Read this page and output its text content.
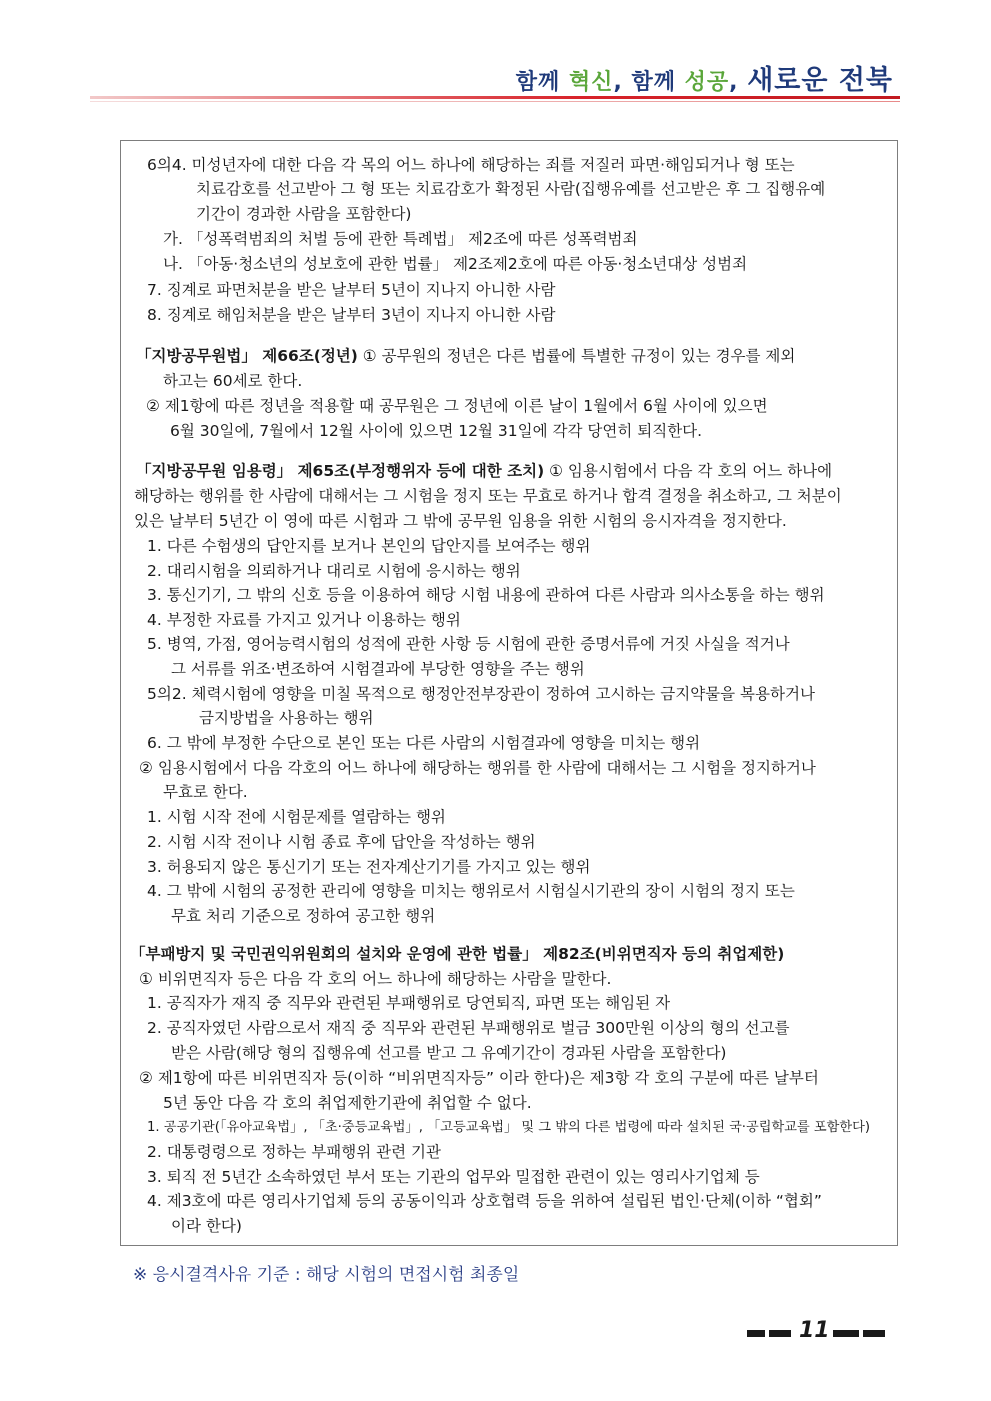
함께 혁신, 함께 성공, 새로운 전북
6의4. 미성년자에 대한 다음 각 목의 어느 하나에 해당하는 죄를 저질러 파면·해임되거나 형 또는
치료감호를 선고받아 그 형 또는 치료감호가 확정된 사람(집행유예를 선고받은 후 그 집행유예
기간이 경과한 사람을 포함한다)
가. 「성폭력범죄의 처벌 등에 관한 특례법」 제2조에 따른 성폭력범죄
나. 「아동·청소년의 성보호에 관한 법률」 제2조제2호에 따른 아동·청소년대상 성범죄
7. 징계로 파면처분을 받은 날부터 5년이 지나지 아니한 사람
8. 징계로 해임처분을 받은 날부터 3년이 지나지 아니한 사람
「지방공무원법」 제66조(정년) ① 공무원의 정년은 다른 법률에 특별한 규정이 있는 경우를 제외
하고는 60세로 한다.
② 제1항에 따른 정년을 적용할 때 공무원은 그 정년에 이른 날이 1월에서 6월 사이에 있으면
6월 30일에, 7월에서 12월 사이에 있으면 12월 31일에 각각 당연히 퇴직한다.
「지방공무원 임용령」 제65조(부정행위자 등에 대한 조치) ① 임용시험에서 다음 각 호의 어느 하나에
해당하는 행위를 한 사람에 대해서는 그 시험을 정지 또는 무효로 하거나 합격 결정을 취소하고, 그 처분이
있은 날부터 5년간 이 영에 따른 시험과 그 밖에 공무원 임용을 위한 시험의 응시자격을 정지한다.
1. 다른 수험생의 답안지를 보거나 본인의 답안지를 보여주는 행위
2. 대리시험을 의뢰하거나 대리로 시험에 응시하는 행위
3. 통신기기, 그 밖의 신호 등을 이용하여 해당 시험 내용에 관하여 다른 사람과 의사소통을 하는 행위
4. 부정한 자료를 가지고 있거나 이용하는 행위
5. 병역, 가점, 영어능력시험의 성적에 관한 사항 등 시험에 관한 증명서류에 거짓 사실을 적거나
그 서류를 위조·변조하여 시험결과에 부당한 영향을 주는 행위
5의2. 체력시험에 영향을 미칠 목적으로 행정안전부장관이 정하여 고시하는 금지약물을 복용하거나
금지방법을 사용하는 행위
6. 그 밖에 부정한 수단으로 본인 또는 다른 사람의 시험결과에 영향을 미치는 행위
② 임용시험에서 다음 각호의 어느 하나에 해당하는 행위를 한 사람에 대해서는 그 시험을 정지하거나
무효로 한다.
1. 시험 시작 전에 시험문제를 열람하는 행위
2. 시험 시작 전이나 시험 종료 후에 답안을 작성하는 행위
3. 허용되지 않은 통신기기 또는 전자계산기기를 가지고 있는 행위
4. 그 밖에 시험의 공정한 관리에 영향을 미치는 행위로서 시험실시기관의 장이 시험의 정지 또는
무효 처리 기준으로 정하여 공고한 행위
「부패방지 및 국민권익위원회의 설치와 운영에 관한 법률」 제82조(비위면직자 등의 취업제한)
① 비위면직자 등은 다음 각 호의 어느 하나에 해당하는 사람을 말한다.
1. 공직자가 재직 중 직무와 관련된 부패행위로 당연퇴직, 파면 또는 해임된 자
2. 공직자였던 사람으로서 재직 중 직무와 관련된 부패행위로 벌금 300만원 이상의 형의 선고를
받은 사람(해당 형의 집행유예 선고를 받고 그 유예기간이 경과된 사람을 포함한다)
② 제1항에 따른 비위면직자 등(이하 “비위면직자등” 이라 한다)은 제3항 각 호의 구분에 따른 날부터
5년 동안 다음 각 호의 취업제한기관에 취업할 수 없다.
1. 공공기관(「유아교육법」, 「초·중등교육법」, 「고등교육법」 및 그 밖의 다른 법령에 따라 설치된 국·공립학교를 포함한다)
2. 대통령령으로 정하는 부패행위 관련 기관
3. 퇴직 전 5년간 소속하였던 부서 또는 기관의 업무와 밀접한 관련이 있는 영리사기업체 등
4. 제3호에 따른 영리사기업체 등의 공동이익과 상호협력 등을 위하여 설립된 법인·단체(이하 “협회”
이라 한다)
※ 응시결격사유 기준 : 해당 시험의 면접시험 최종일
11
